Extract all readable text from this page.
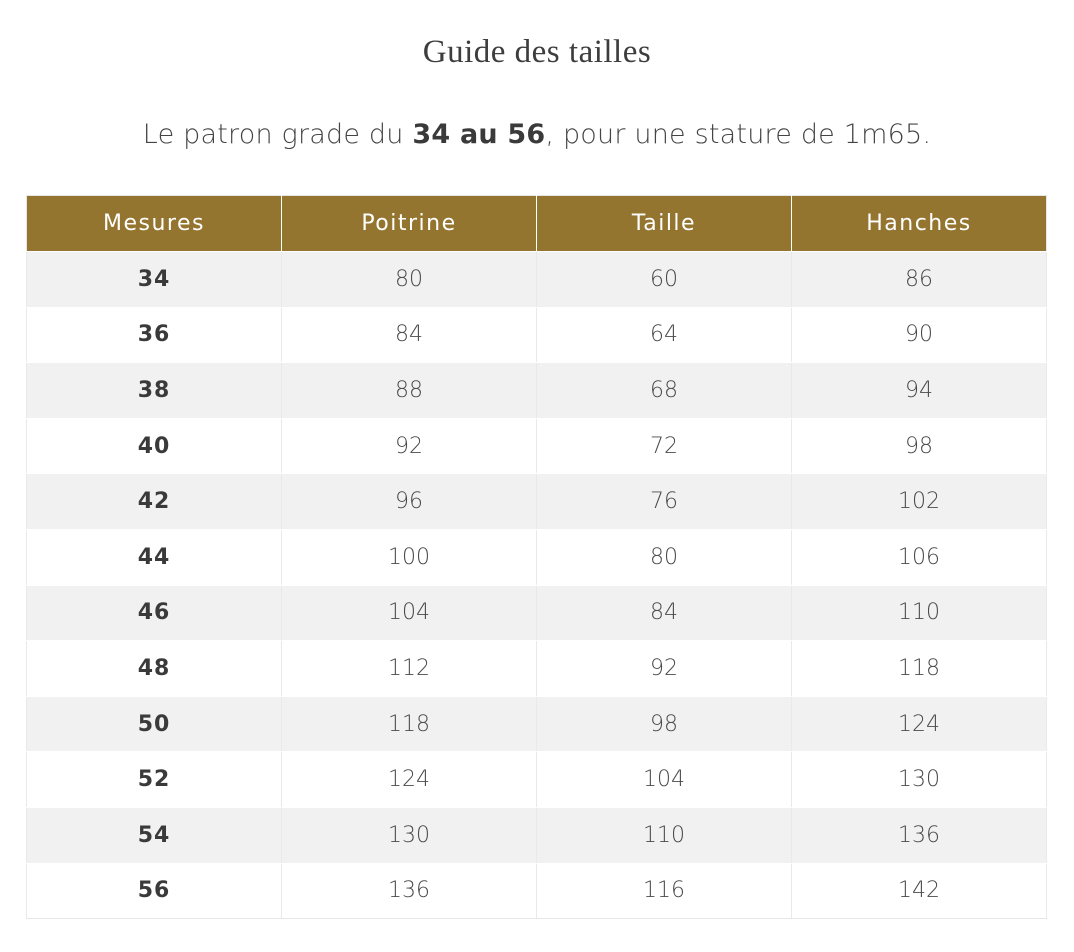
Guide des tailles

Le patron grade du 34 au 56, pour une stature de 1m65.

Mesures	Poitrine	Taille	Hanches
34	80	60	86
36	84	64	90
38	88	68	94
40	92	72	98
42	96	76	102
44	100	80	106
46	104	84	110
48	112	92	118
50	118	98	124
52	124	104	130
54	130	110	136
56	136	116	142
